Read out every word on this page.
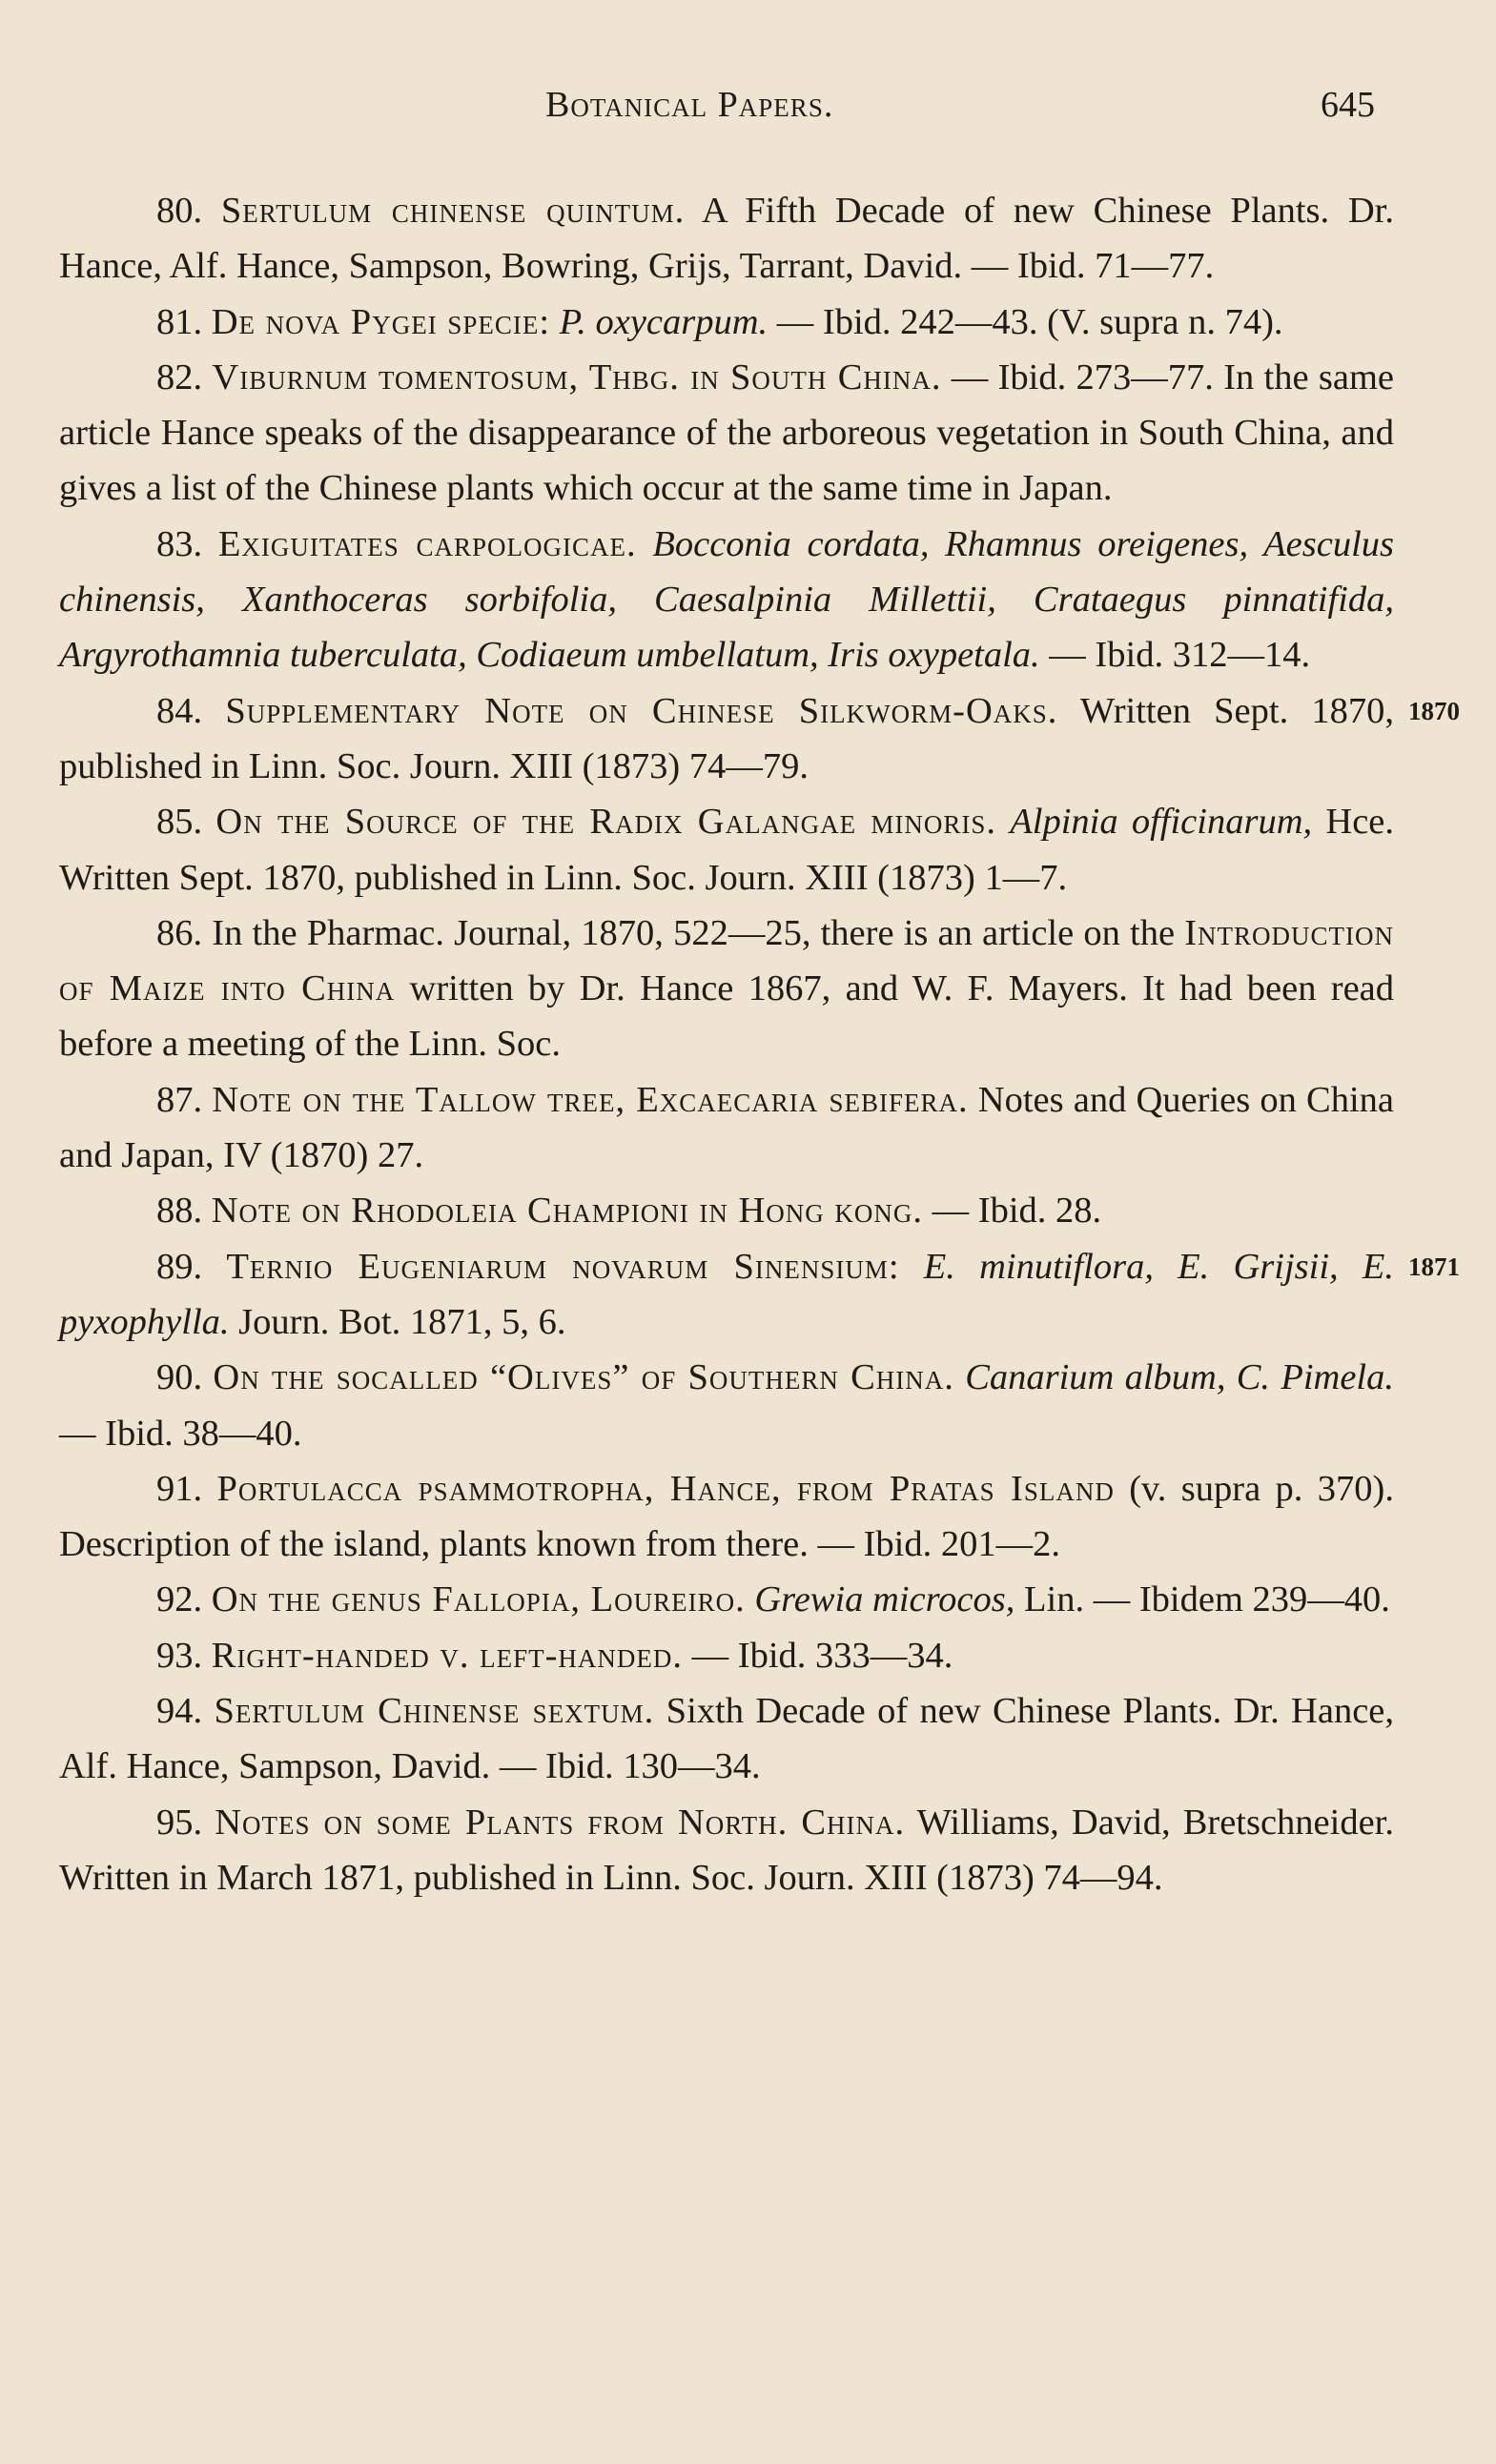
Botanical Papers.	645

80. Sertulum chinense quintum. A Fifth Decade of new Chinese Plants. Dr. Hance, Alf. Hance, Sampson, Bowring, Grijs, Tarrant, David. — Ibid. 71—77.

81. De nova Pygei specie: P. oxycarpum. — Ibid. 242—43. (V. supra n. 74).

82. Viburnum tomentosum, Thbg. in South China. — Ibid. 273—77. In the same article Hance speaks of the disappearance of the arboreous vegetation in South China, and gives a list of the Chinese plants which occur at the same time in Japan.

83. Exiguitates carpologicae. Bocconia cordata, Rhamnus oreigenes, Aesculus chinensis, Xanthoceras sorbifolia, Caesalpinia Millettii, Crataegus pinnatifida, Argyrothamnia tuberculata, Codiaeum umbellatum, Iris oxypetala. — Ibid. 312—14.

1870
84. Supplementary Note on Chinese Silkworm-Oaks. Written Sept. 1870, published in Linn. Soc. Journ. XIII (1873) 74—79.

85. On the Source of the Radix Galangae minoris. Alpinia officinarum, Hce. Written Sept. 1870, published in Linn. Soc. Journ. XIII (1873) 1—7.

86. In the Pharmac. Journal, 1870, 522—25, there is an article on the Introduction of Maize into China written by Dr. Hance 1867, and W. F. Mayers. It had been read before a meeting of the Linn. Soc.

87. Note on the Tallow tree, Excaecaria sebifera. Notes and Queries on China and Japan, IV (1870) 27.

88. Note on Rhodoleia Championi in Hong kong. — Ibid. 28.

1871
89. Ternio Eugeniarum novarum Sinensium: E. minutiflora, E. Grijsii, E. pyxophylla. Journ. Bot. 1871, 5, 6.

90. On the socalled “Olives” of Southern China. Canarium album, C. Pimela. — Ibid. 38—40.

91. Portulacca psammotropha, Hance, from Pratas Island (v. supra p. 370). Description of the island, plants known from there. — Ibid. 201—2.

92. On the genus Fallopia, Loureiro. Grewia microcos, Lin. — Ibidem 239—40.

93. Right-handed v. left-handed. — Ibid. 333—34.

94. Sertulum Chinense sextum. Sixth Decade of new Chinese Plants. Dr. Hance, Alf. Hance, Sampson, David. — Ibid. 130—34.

95. Notes on some Plants from North. China. Williams, David, Bretschneider. Written in March 1871, published in Linn. Soc. Journ. XIII (1873) 74—94.
